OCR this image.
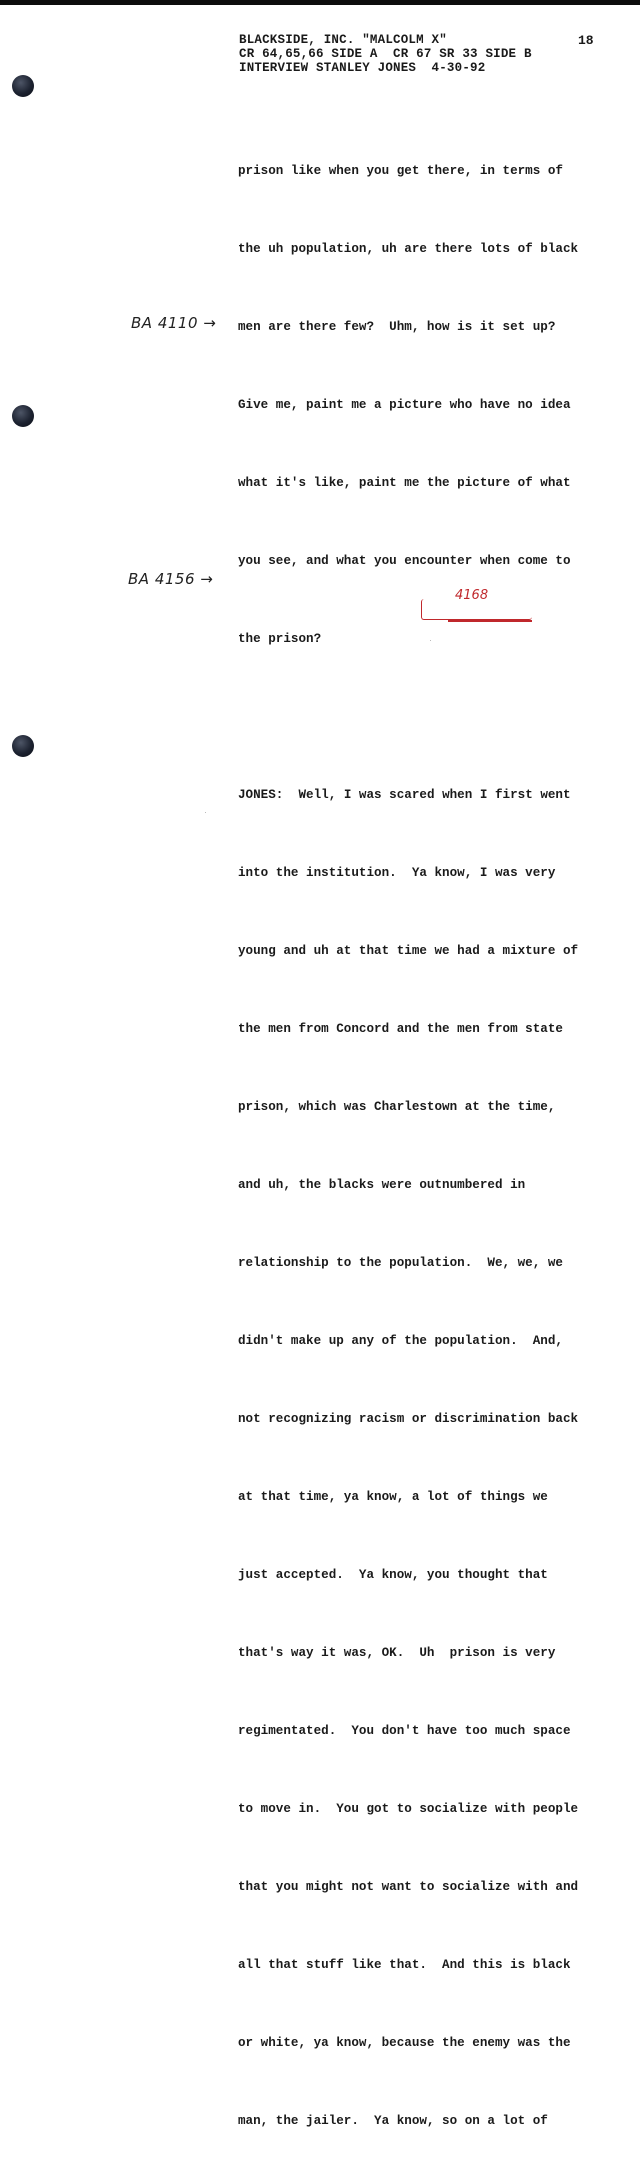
BLACKSIDE, INC. "MALCOLM X"
CR 64,65,66 SIDE A  CR 67 SR 33 SIDE B
INTERVIEW STANLEY JONES  4-30-92
18
BA 4110 →
BA 4156 →

prison like when you get there, in terms of

the uh population, uh are there lots of black

men are there few?  Uhm, how is it set up?

Give me, paint me a picture who have no idea

what it's like, paint me the picture of what

you see, and what you encounter when come to

the prison?

JONES:  Well, I was scared when I first went

into the institution.  Ya know, I was very

young and uh at that time we had a mixture of

the men from Concord and the men from state

prison, which was Charlestown at the time,

and uh, the blacks were outnumbered in

relationship to the population.  We, we, we

didn't make up any of the population.  And,

not recognizing racism or discrimination back

at that time, ya know, a lot of things we

just accepted.  Ya know, you thought that

that's way it was, OK.  Uh  prison is very

regimentated.  You don't have too much space

to move in.  You got to socialize with people

that you might not want to socialize with and

all that stuff like that.  And this is black

or white, ya know, because the enemy was the

man, the jailer.  Ya know, so on a lot of

4168
